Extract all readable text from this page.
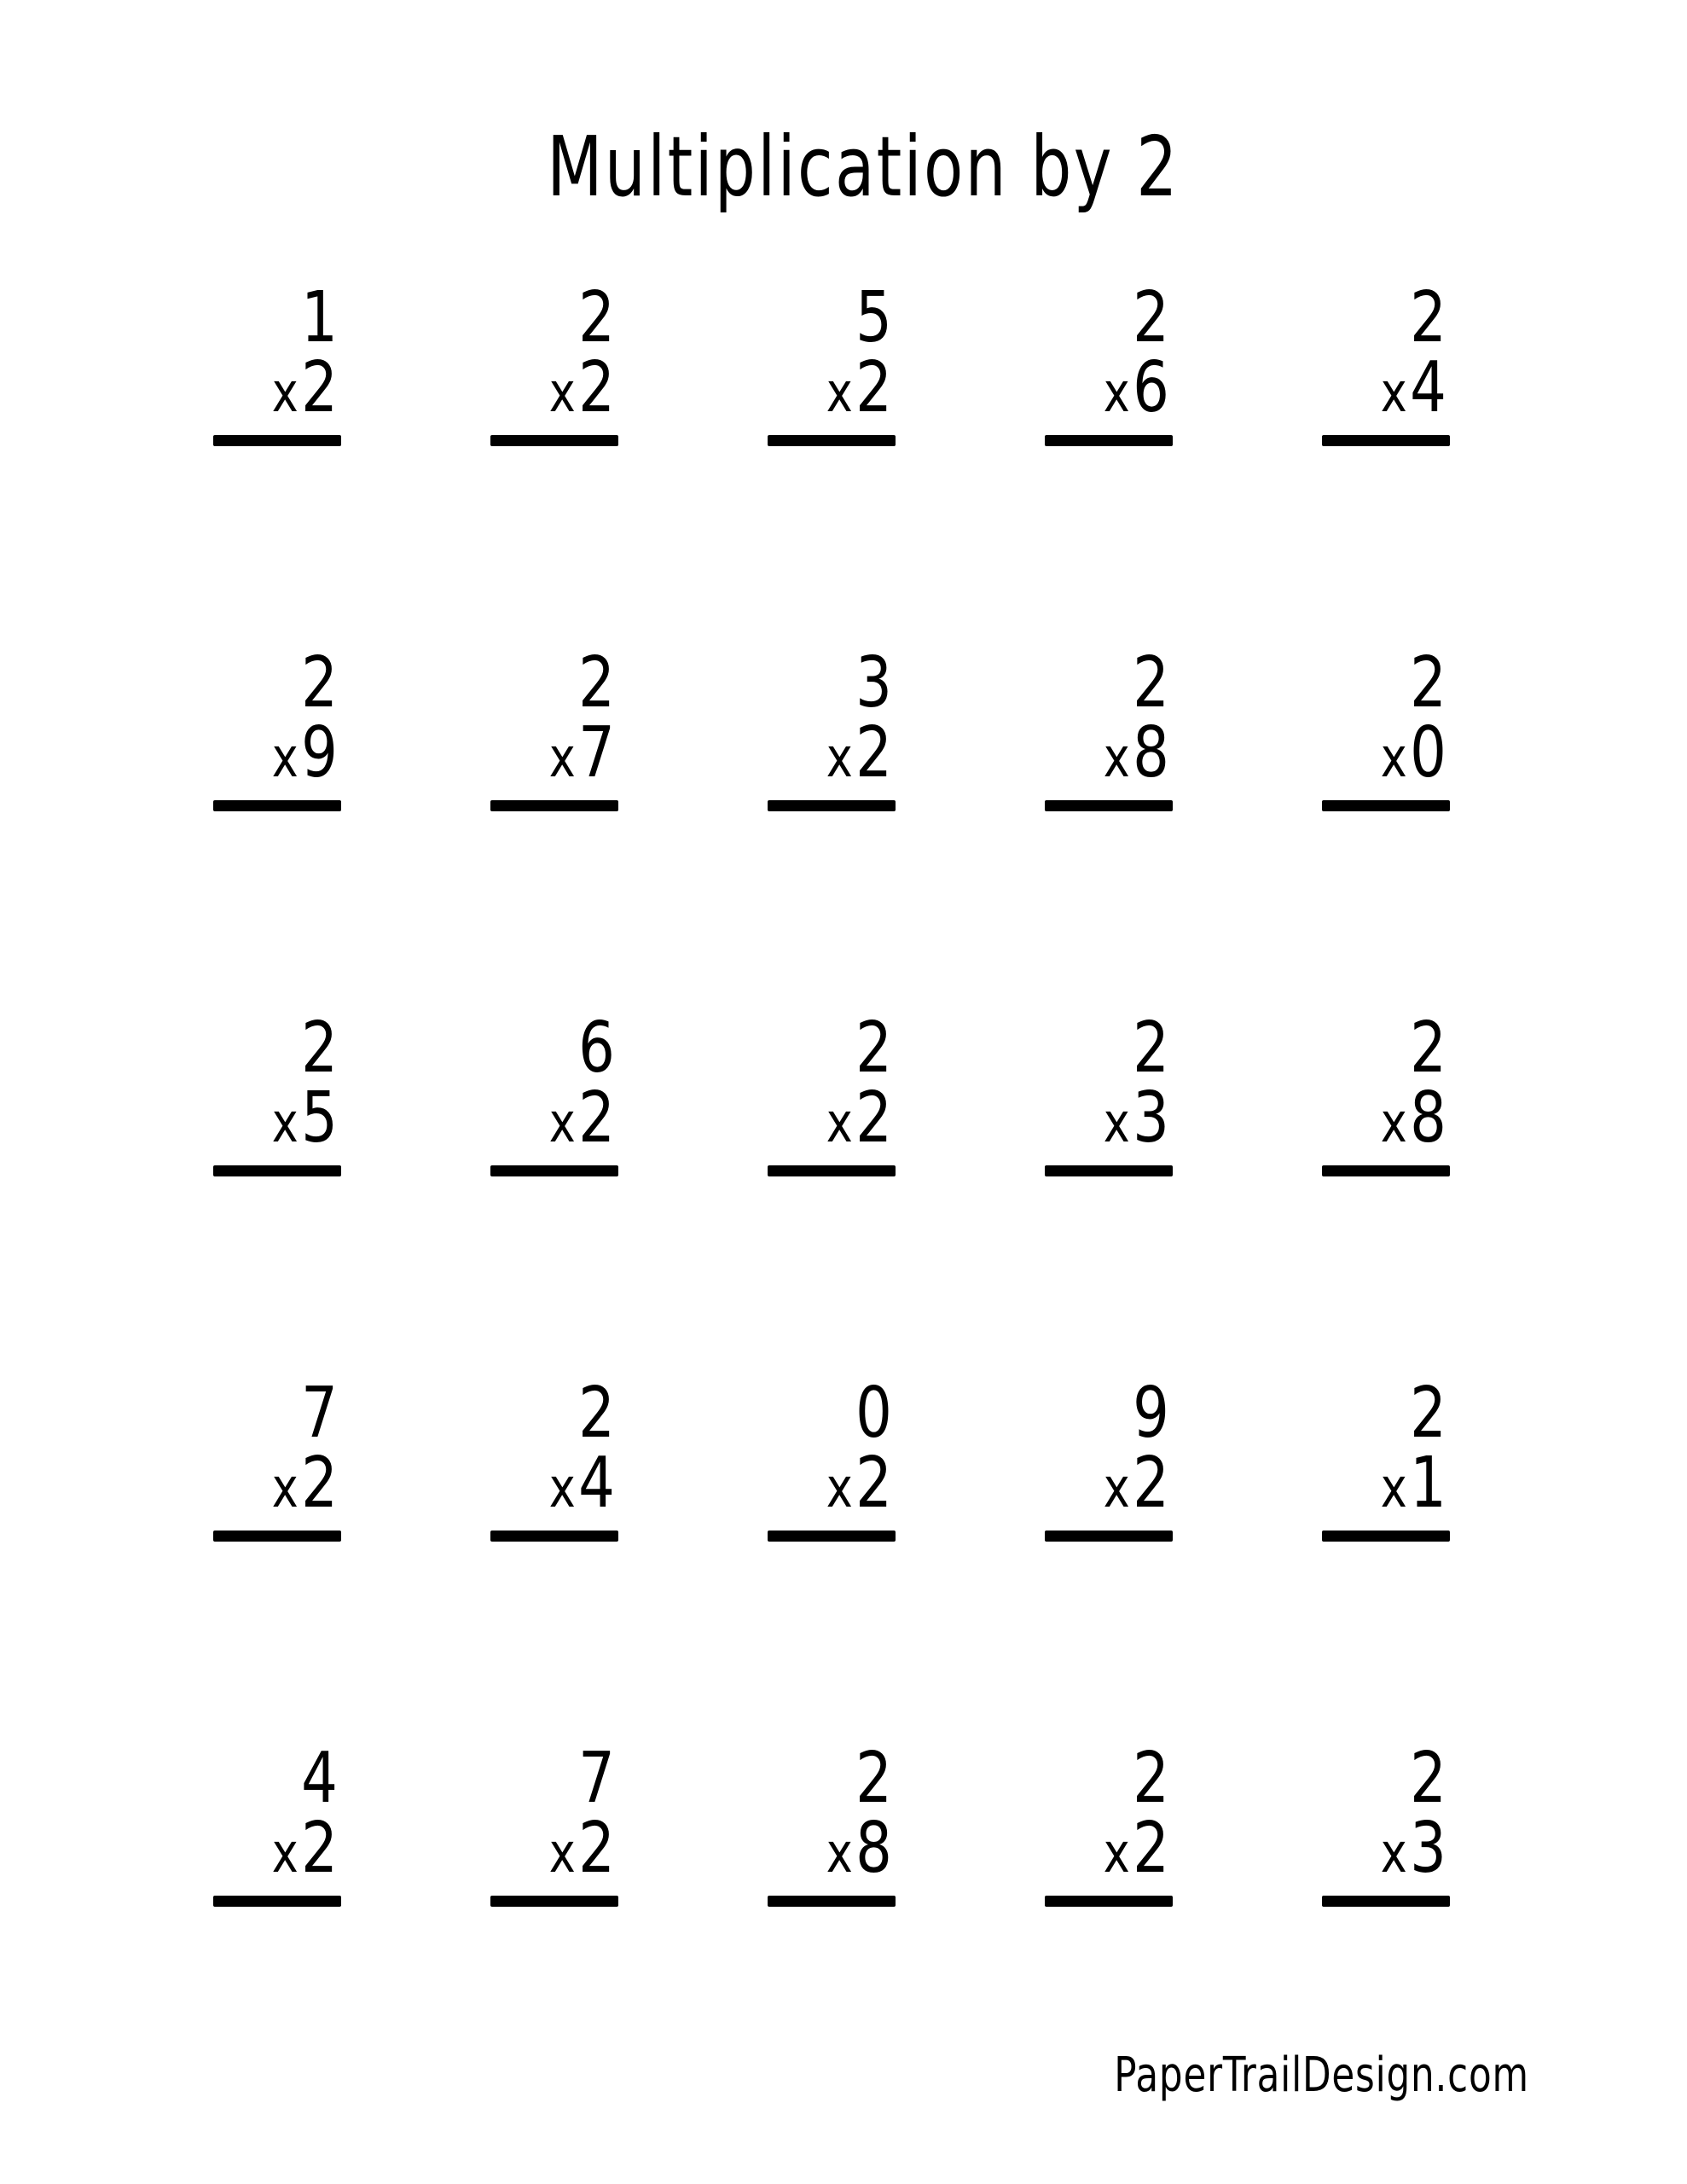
Multiplication by 2
1
x2
2
x2
5
x2
2
x6
2
x4
2
x9
2
x7
3
x2
2
x8
2
x0
2
x5
6
x2
2
x2
2
x3
2
x8
7
x2
2
x4
0
x2
9
x2
2
x1
4
x2
7
x2
2
x8
2
x2
2
x3
PaperTrailDesign.com
